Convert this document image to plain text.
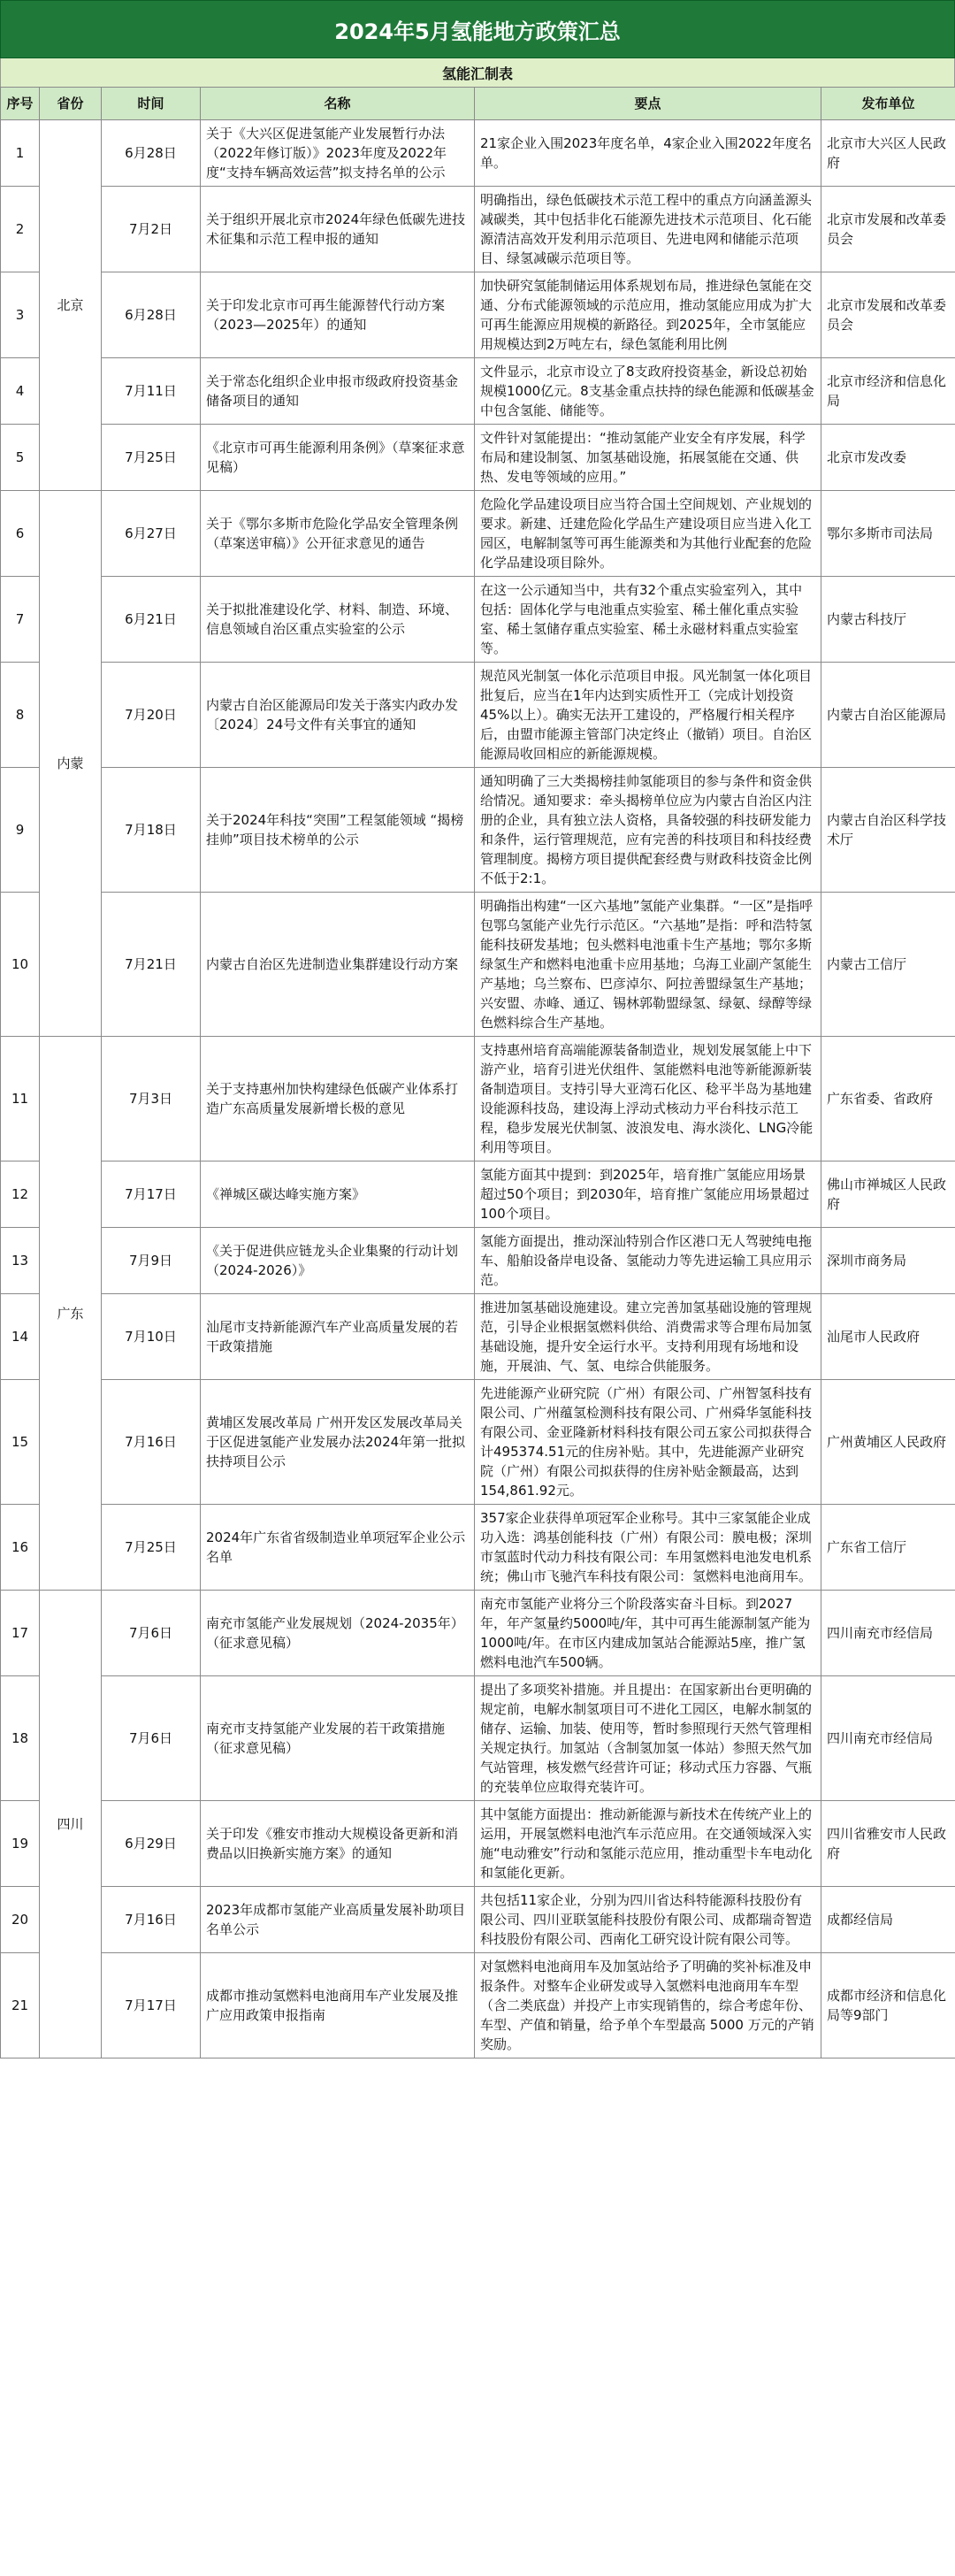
2024年5月氢能地方政策汇总
氢能汇制表
序号	省份	时间	名称	要点	发布单位
1	北京	6月28日	关于《大兴区促进氢能产业发展暂行办法（2022年修订版）》2023年度及2022年度“支持车辆高效运营”拟支持名单的公示	21家企业入围2023年度名单，4家企业入围2022年度名单。	北京市大兴区人民政府
2		7月2日	关于组织开展北京市2024年绿色低碳先进技术征集和示范工程申报的通知	明确指出，绿色低碳技术示范工程中的重点方向涵盖源头减碳类，其中包括非化石能源先进技术示范项目、化石能源清洁高效开发利用示范项目、先进电网和储能示范项目、绿氢减碳示范项目等。	北京市发展和改革委员会
3		6月28日	关于印发北京市可再生能源替代行动方案（2023—2025年）的通知	加快研究氢能制储运用体系规划布局，推进绿色氢能在交通、分布式能源领域的示范应用，推动氢能应用成为扩大可再生能源应用规模的新路径。到2025年，全市氢能应用规模达到2万吨左右，绿色氢能利用比例	北京市发展和改革委员会
4		7月11日	关于常态化组织企业申报市级政府投资基金储备项目的通知	文件显示，北京市设立了8支政府投资基金，新设总初始规模1000亿元。8支基金重点扶持的绿色能源和低碳基金中包含氢能、储能等。	北京市经济和信息化局
5		7月25日	《北京市可再生能源利用条例》（草案征求意见稿）	文件针对氢能提出：“推动氢能产业安全有序发展，科学布局和建设制氢、加氢基础设施，拓展氢能在交通、供热、发电等领域的应用。”	北京市发改委
6	内蒙	6月27日	关于《鄂尔多斯市危险化学品安全管理条例（草案送审稿）》公开征求意见的通告	危险化学品建设项目应当符合国土空间规划、产业规划的要求。新建、迁建危险化学品生产建设项目应当进入化工园区，电解制氢等可再生能源类和为其他行业配套的危险化学品建设项目除外。	鄂尔多斯市司法局
7		6月21日	关于拟批准建设化学、材料、制造、环境、信息领域自治区重点实验室的公示	在这一公示通知当中，共有32个重点实验室列入，其中包括：固体化学与电池重点实验室、稀土催化重点实验室、稀土氢储存重点实验室、稀土永磁材料重点实验室等。	内蒙古科技厅
8		7月20日	内蒙古自治区能源局印发关于落实内政办发〔2024〕24号文件有关事宜的通知	规范风光制氢一体化示范项目申报。风光制氢一体化项目批复后，应当在1年内达到实质性开工（完成计划投资45%以上）。确实无法开工建设的，严格履行相关程序后，由盟市能源主管部门决定终止（撤销）项目。自治区能源局收回相应的新能源规模。	内蒙古自治区能源局
9		7月18日	关于2024年科技“突围”工程氢能领域 “揭榜挂帅”项目技术榜单的公示	通知明确了三大类揭榜挂帅氢能项目的参与条件和资金供给情况。通知要求：牵头揭榜单位应为内蒙古自治区内注册的企业，具有独立法人资格，具备较强的科技研发能力和条件，运行管理规范，应有完善的科技项目和科技经费管理制度。揭榜方项目提供配套经费与财政科技资金比例不低于2:1。	内蒙古自治区科学技术厅
10		7月21日	内蒙古自治区先进制造业集群建设行动方案	明确指出构建“一区六基地”氢能产业集群。“一区”是指呼包鄂乌氢能产业先行示范区。“六基地”是指：呼和浩特氢能科技研发基地；包头燃料电池重卡生产基地；鄂尔多斯绿氢生产和燃料电池重卡应用基地；乌海工业副产氢能生产基地；乌兰察布、巴彦淖尔、阿拉善盟绿氢生产基地；兴安盟、赤峰、通辽、锡林郭勒盟绿氢、绿氨、绿醇等绿色燃料综合生产基地。	内蒙古工信厅
11	广东	7月3日	关于支持惠州加快构建绿色低碳产业体系打造广东高质量发展新增长极的意见	支持惠州培育高端能源装备制造业，规划发展氢能上中下游产业，培育引进光伏组件、氢能燃料电池等新能源新装备制造项目。支持引导大亚湾石化区、稔平半岛为基地建设能源科技岛，建设海上浮动式核动力平台科技示范工程，稳步发展光伏制氢、波浪发电、海水淡化、LNG冷能利用等项目。	广东省委、省政府
12		7月17日	《禅城区碳达峰实施方案》	氢能方面其中提到：到2025年，培育推广氢能应用场景超过50个项目；到2030年，培育推广氢能应用场景超过100个项目。	佛山市禅城区人民政府
13		7月9日	《关于促进供应链龙头企业集聚的行动计划（2024-2026）》	氢能方面提出，推动深汕特别合作区港口无人驾驶纯电拖车、船舶设备岸电设备、氢能动力等先进运输工具应用示范。	深圳市商务局
14		7月10日	汕尾市支持新能源汽车产业高质量发展的若干政策措施	推进加氢基础设施建设。建立完善加氢基础设施的管理规范，引导企业根据氢燃料供给、消费需求等合理布局加氢基础设施，提升安全运行水平。支持利用现有场地和设施，开展油、气、氢、电综合供能服务。	汕尾市人民政府
15		7月16日	黄埔区发展改革局 广州开发区发展改革局关于区促进氢能产业发展办法2024年第一批拟扶持项目公示	先进能源产业研究院（广州）有限公司、广州智氢科技有限公司、广州蕴氢检测科技有限公司、广州舜华氢能科技有限公司、金亚隆新材料科技有限公司五家公司拟获得合计495374.51元的住房补贴。其中，先进能源产业研究院（广州）有限公司拟获得的住房补贴金额最高，达到154,861.92元。	广州黄埔区人民政府
16		7月25日	2024年广东省省级制造业单项冠军企业公示名单	357家企业获得单项冠军企业称号。其中三家氢能企业成功入选：鸿基创能科技（广州）有限公司：膜电极；深圳市氢蓝时代动力科技有限公司：车用氢燃料电池发电机系统；佛山市飞驰汽车科技有限公司：氢燃料电池商用车。	广东省工信厅
17	四川	7月6日	南充市氢能产业发展规划（2024-2035年）（征求意见稿）	南充市氢能产业将分三个阶段落实奋斗目标。到2027年，年产氢量约5000吨/年，其中可再生能源制氢产能为1000吨/年。在市区内建成加氢站合能源站5座，推广氢燃料电池汽车500辆。	四川南充市经信局
18		7月6日	南充市支持氢能产业发展的若干政策措施（征求意见稿）	提出了多项奖补措施。并且提出：在国家新出台更明确的规定前，电解水制氢项目可不进化工园区，电解水制氢的储存、运输、加装、使用等，暂时参照现行天然气管理相关规定执行。加氢站（含制氢加氢一体站）参照天然气加气站管理，核发燃气经营许可证；移动式压力容器、气瓶的充装单位应取得充装许可。	四川南充市经信局
19		6月29日	关于印发《雅安市推动大规模设备更新和消费品以旧换新实施方案》的通知	其中氢能方面提出：推动新能源与新技术在传统产业上的运用，开展氢燃料电池汽车示范应用。在交通领域深入实施“电动雅安”行动和氢能示范应用，推动重型卡车电动化和氢能化更新。	四川省雅安市人民政府
20		7月16日	2023年成都市氢能产业高质量发展补助项目名单公示	共包括11家企业，分别为四川省达科特能源科技股份有限公司、四川亚联氢能科技股份有限公司、成都瑞奇智造科技股份有限公司、西南化工研究设计院有限公司等。	成都经信局
21		7月17日	成都市推动氢燃料电池商用车产业发展及推广应用政策申报指南	对氢燃料电池商用车及加氢站给予了明确的奖补标准及申报条件。对整车企业研发或导入氢燃料电池商用车车型（含二类底盘）并投产上市实现销售的，综合考虑年份、车型、产值和销量，给予单个车型最高 5000 万元的产销奖励。	成都市经济和信息化局等9部门
